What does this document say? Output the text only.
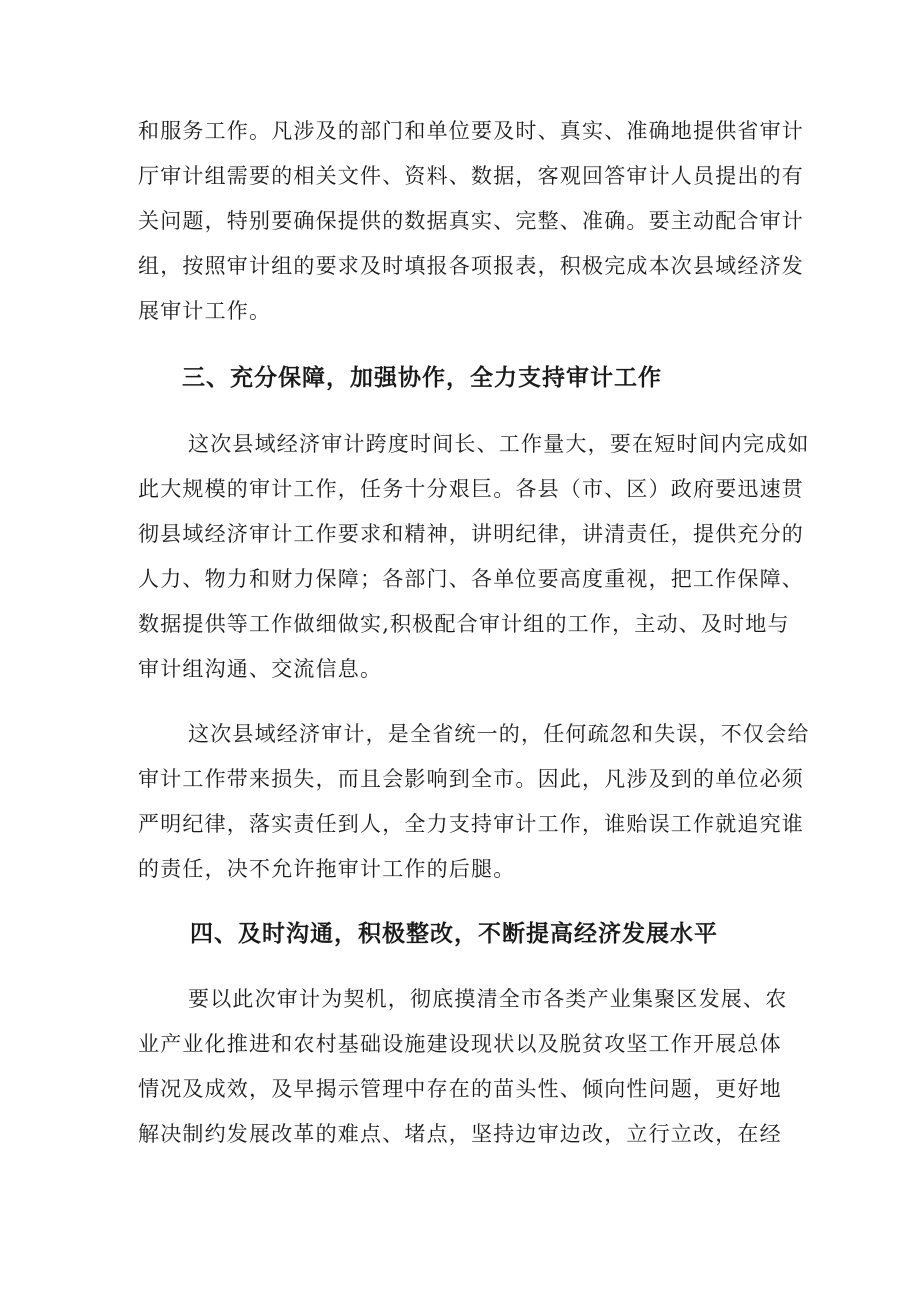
和服务工作。凡涉及的部门和单位要及时、真实、准确地提供省审计
厅审计组需要的相关文件、资料、数据，客观回答审计人员提出的有
关问题，特别要确保提供的数据真实、完整、准确。要主动配合审计
组，按照审计组的要求及时填报各项报表，积极完成本次县域经济发
展审计工作。
三、充分保障，加强协作，全力支持审计工作
这次县域经济审计跨度时间长、工作量大，要在短时间内完成如
此大规模的审计工作，任务十分艰巨。各县（市、区）政府要迅速贯
彻县域经济审计工作要求和精神，讲明纪律，讲清责任，提供充分的
人力、物力和财力保障；各部门、各单位要高度重视，把工作保障、
数据提供等工作做细做实,积极配合审计组的工作，主动、及时地与
审计组沟通、交流信息。
这次县域经济审计，是全省统一的，任何疏忽和失误，不仅会给
审计工作带来损失，而且会影响到全市。因此，凡涉及到的单位必须
严明纪律，落实责任到人，全力支持审计工作，谁贻误工作就追究谁
的责任，决不允许拖审计工作的后腿。
四、及时沟通，积极整改，不断提高经济发展水平
要以此次审计为契机，彻底摸清全市各类产业集聚区发展、农
业产业化推进和农村基础设施建设现状以及脱贫攻坚工作开展总体
情况及成效，及早揭示管理中存在的苗头性、倾向性问题，更好地
解决制约发展改革的难点、堵点，坚持边审边改，立行立改，在经
